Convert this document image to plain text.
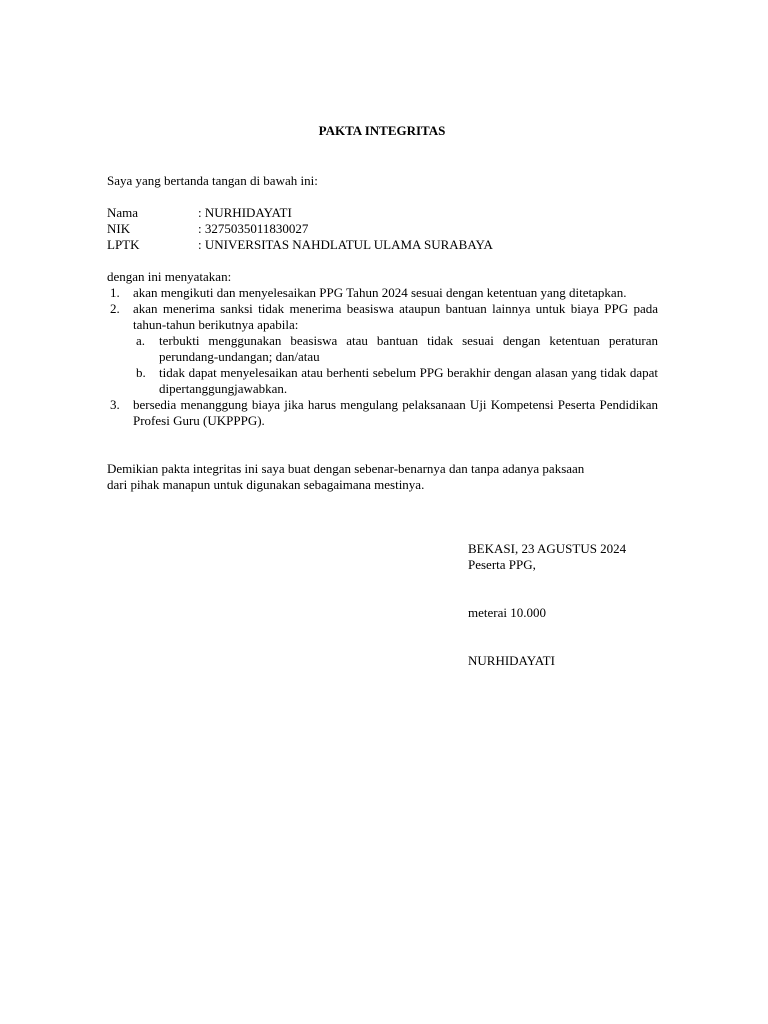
PAKTA INTEGRITAS
Saya yang bertanda tangan di bawah ini:
Nama	: NURHIDAYATI
NIK	: 3275035011830027
LPTK	: UNIVERSITAS NAHDLATUL ULAMA SURABAYA
dengan ini menyatakan:
1.	akan mengikuti dan menyelesaikan PPG Tahun 2024 sesuai dengan ketentuan yang ditetapkan.
2.	akan menerima sanksi tidak menerima beasiswa ataupun bantuan lainnya untuk biaya PPG pada tahun-tahun berikutnya apabila:
a.	terbukti menggunakan beasiswa atau bantuan tidak sesuai dengan ketentuan peraturan perundang-undangan; dan/atau
b.	tidak dapat menyelesaikan atau berhenti sebelum PPG berakhir dengan alasan yang tidak dapat dipertanggungjawabkan.
3.	bersedia menanggung biaya jika harus mengulang pelaksanaan Uji Kompetensi Peserta Pendidikan Profesi Guru (UKPPPG).

Demikian pakta integritas ini saya buat dengan sebenar-benarnya dan tanpa adanya paksaan

dari pihak manapun untuk digunakan sebagaimana mestinya.

BEKASI, 23 AGUSTUS 2024
Peserta PPG,
meterai 10.000
NURHIDAYATI
